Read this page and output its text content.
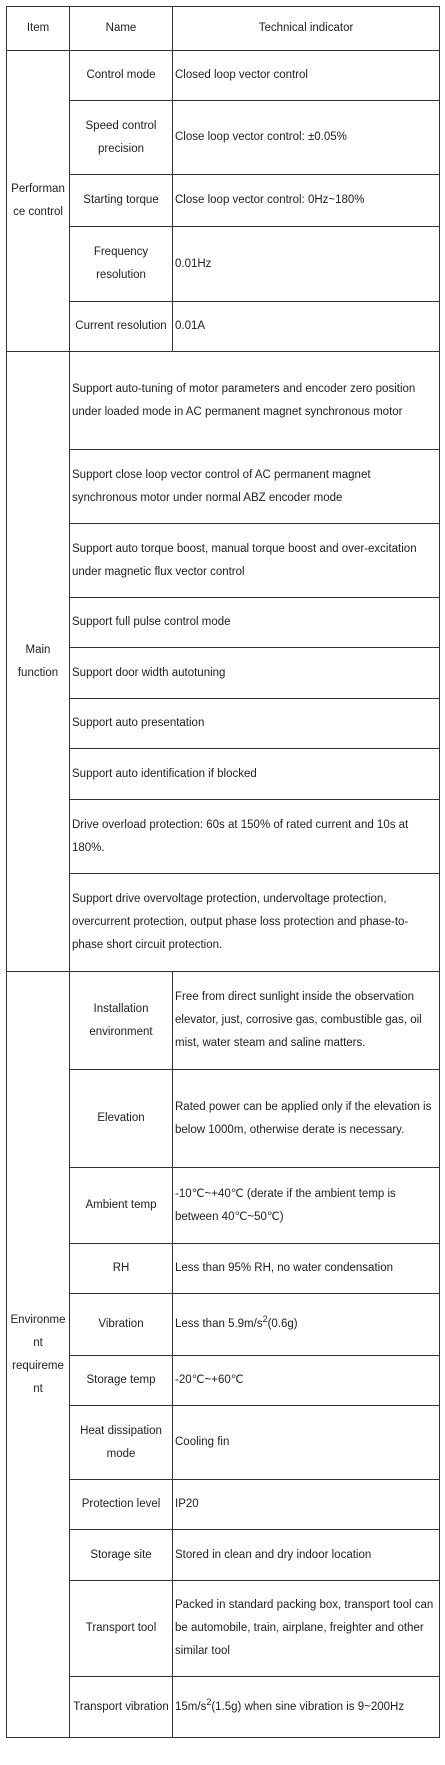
Item	Name	Technical indicator
Performance control	Control mode	Closed loop vector control
	Speed control precision	Close loop vector control: ±0.05%
	Starting torque	Close loop vector control: 0Hz~180%
	Frequency resolution	0.01Hz
	Current resolution	0.01A
Main function	Support auto-tuning of motor parameters and encoder zero position under loaded mode in AC permanent magnet synchronous motor	
	Support close loop vector control of AC permanent magnet synchronous motor under normal ABZ encoder mode	
	Support auto torque boost, manual torque boost and over-excitation under magnetic flux vector control	
	Support full pulse control mode	
	Support door width autotuning	
	Support auto presentation	
	Support auto identification if blocked	
	Drive overload protection: 60s at 150% of rated current and 10s at 180%.	
	Support drive overvoltage protection, undervoltage protection, overcurrent protection, output phase loss protection and phase-to-phase short circuit protection.	
Environment requirement	Installation environment	Free from direct sunlight inside the observation elevator, just, corrosive gas, combustible gas, oil mist, water steam and saline matters.
	Elevation	Rated power can be applied only if the elevation is below 1000m, otherwise derate is necessary.
	Ambient temp	-10℃~+40℃ (derate if the ambient temp is between 40℃~50℃)
	RH	Less than 95% RH, no water condensation
	Vibration	Less than $5.9m/s^2(0.6g)$
	Storage temp	-20℃~+60℃
	Heat dissipation mode	Cooling fin
	Protection level	IP20
	Storage site	Stored in clean and dry indoor location
	Transport tool	Packed in standard packing box, transport tool can be automobile, train, airplane, freighter and other similar tool
	Transport vibration	$15m/s^2(1.5g)$ when sine vibration is 9~200Hz
